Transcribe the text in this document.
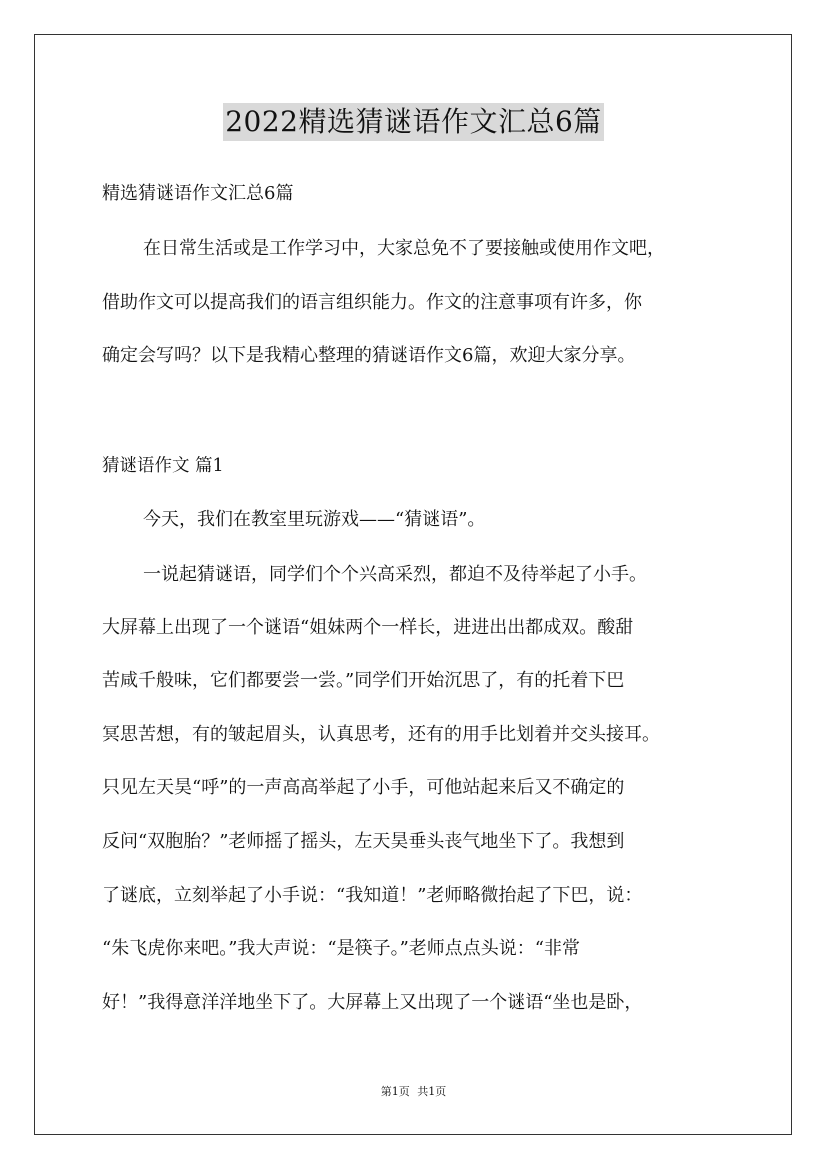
2022精选猜谜语作文汇总6篇
精选猜谜语作文汇总6篇
在日常生活或是工作学习中，大家总免不了要接触或使用作文吧，
借助作文可以提高我们的语言组织能力。作文的注意事项有许多，你
确定会写吗？以下是我精心整理的猜谜语作文6篇，欢迎大家分享。
猜谜语作文 篇1
今天，我们在教室里玩游戏——“猜谜语”。
一说起猜谜语，同学们个个兴高采烈，都迫不及待举起了小手。
大屏幕上出现了一个谜语“姐妹两个一样长，进进出出都成双。酸甜
苦咸千般味，它们都要尝一尝。”同学们开始沉思了，有的托着下巴
冥思苦想，有的皱起眉头，认真思考，还有的用手比划着并交头接耳。
只见左天昊“呼”的一声高高举起了小手，可他站起来后又不确定的
反问“双胞胎？”老师摇了摇头，左天昊垂头丧气地坐下了。我想到
了谜底，立刻举起了小手说：“我知道！”老师略微抬起了下巴，说：
“朱飞虎你来吧。”我大声说：“是筷子。”老师点点头说：“非常
好！”我得意洋洋地坐下了。大屏幕上又出现了一个谜语“坐也是卧，
第1页 共1页
